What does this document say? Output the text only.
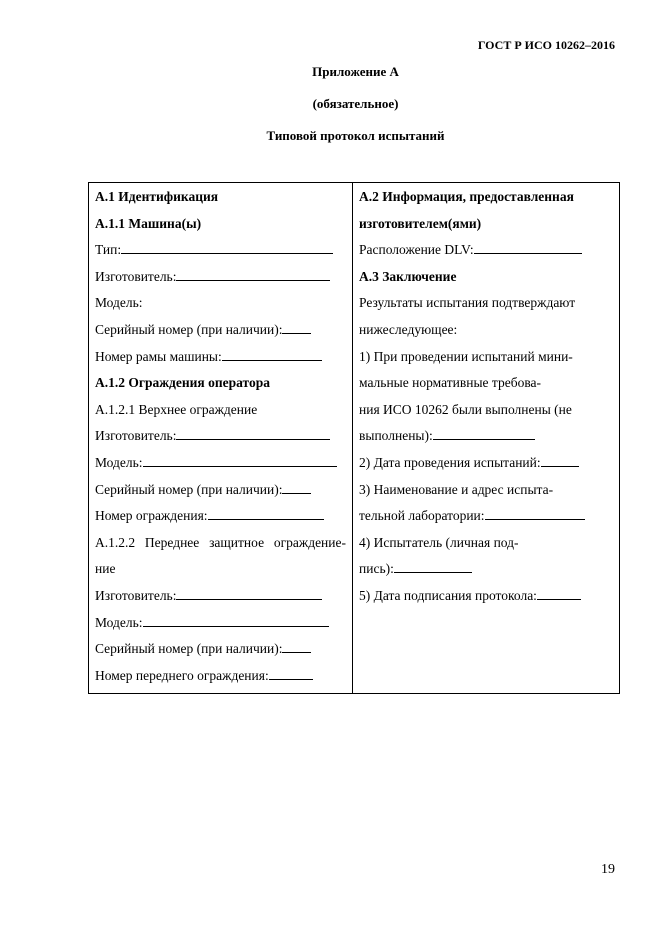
ГОСТ Р ИСО 10262–2016
Приложение А
(обязательное)
Типовой протокол испытаний
А.1 Идентификация
А.1.1 Машина(ы)
Тип:
Изготовитель:
Модель:
Серийный номер (при наличии):
Номер рамы машины:
А.1.2 Ограждения оператора
А.1.2.1 Верхнее ограждение
Изготовитель:
Модель:
Серийный номер (при наличии):
Номер ограждения:
А.1.2.2 Переднее защитное ограждение-
ние
Изготовитель:
Модель:
Серийный номер (при наличии):
Номер переднего ограждения:
А.2 Информация, предоставленная
изготовителем(ями)
Расположение DLV:
А.3 Заключение
Результаты испытания подтверждают
нижеследующее:
1) При проведении испытаний мини-
мальные нормативные требова-
ния ИСО 10262 были выполнены (не
выполнены):
2) Дата проведения испытаний:
3) Наименование и адрес испыта-
тельной лаборатории:
4) Испытатель (личная под-
пись):
5) Дата подписания протокола:
19
